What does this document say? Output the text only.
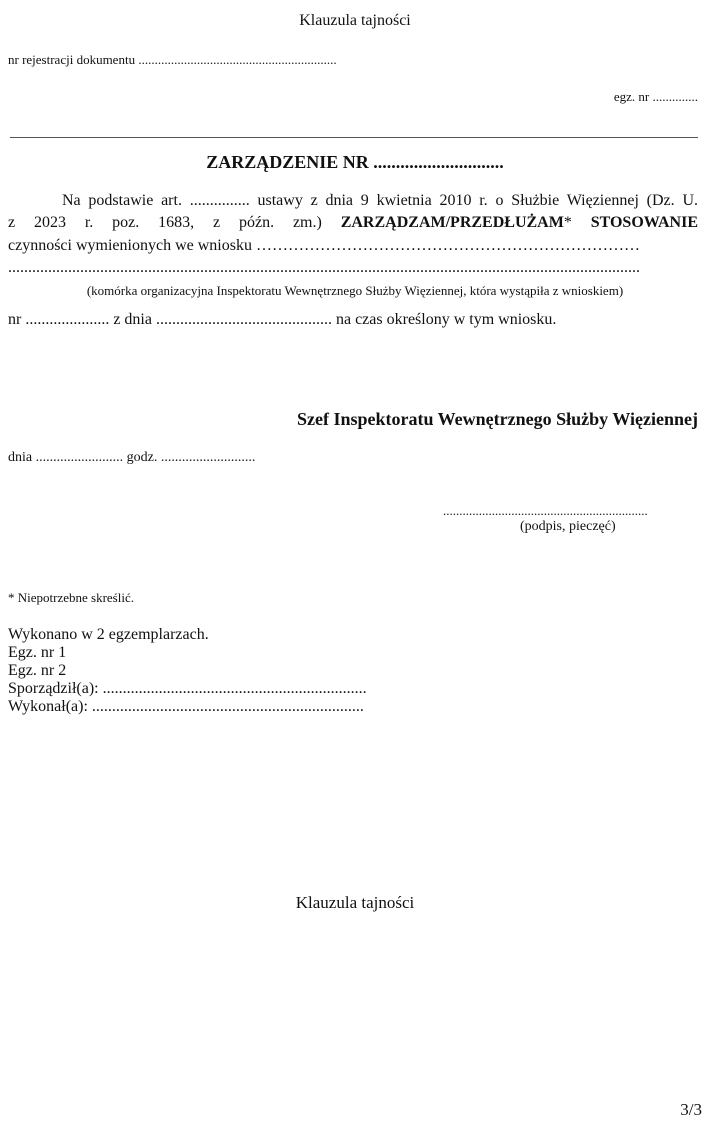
Klauzula tajności
nr rejestracji dokumentu .............................................................
egz. nr ..............
ZARZĄDZENIE NR .............................
Na podstawie art. ............... ustawy z dnia 9 kwietnia 2010 r. o Służbie Więziennej (Dz. U.
z 2023 r. poz. 1683, z późn. zm.) ZARZĄDZAM/PRZEDŁUŻAM* STOSOWANIE
czynności wymienionych we wniosku ………………………………………………………………
..............................................................................................................................................................
(komórka organizacyjna Inspektoratu Wewnętrznego Służby Więziennej, która wystąpiła z wnioskiem)
nr ..................... z dnia ............................................ na czas określony w tym wniosku.
Szef Inspektoratu Wewnętrznego Służby Więziennej
dnia ......................... godz. ...........................
...............................................................
(podpis, pieczęć)
* Niepotrzebne skreślić.
Wykonano w 2 egzemplarzach.
Egz. nr 1
Egz. nr 2
Sporządził(a): ..................................................................
Wykonał(a): ....................................................................
Klauzula tajności
3/3
